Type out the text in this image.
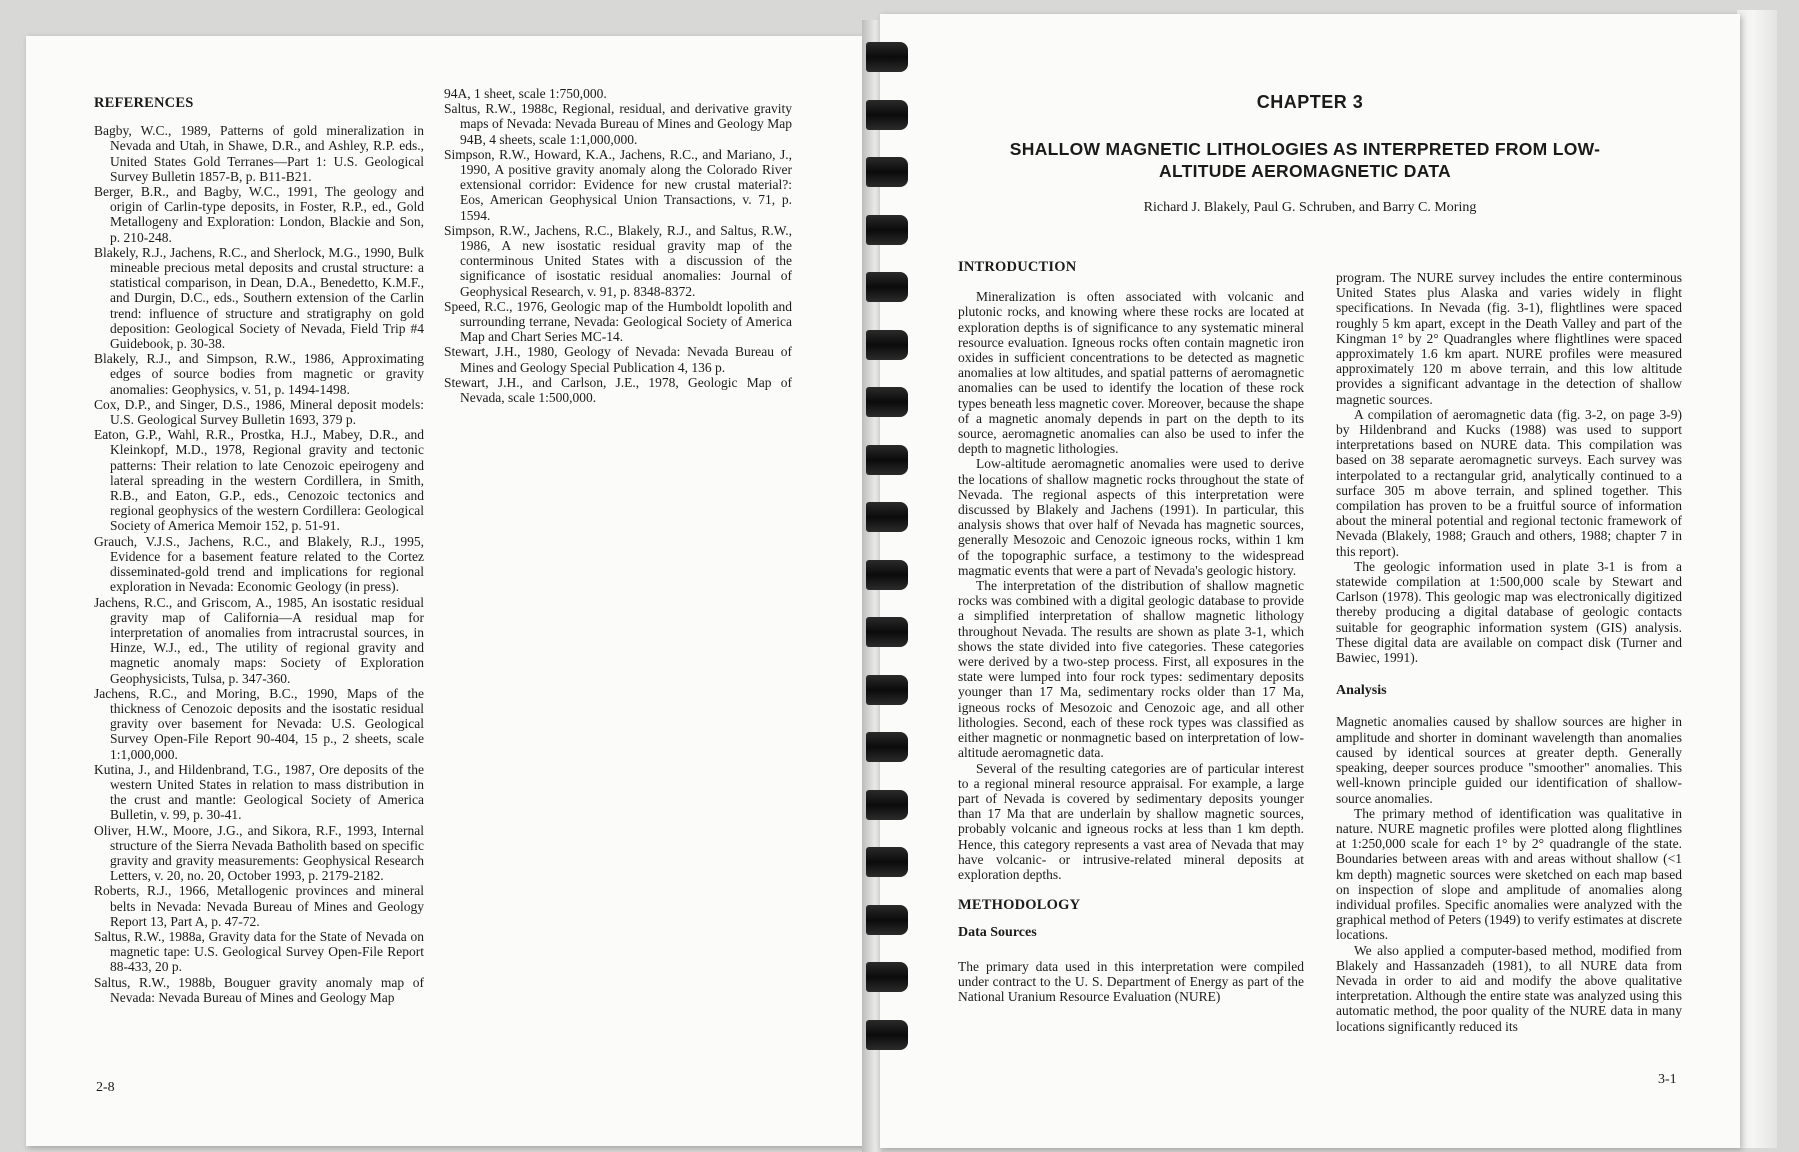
REFERENCES

Bagby, W.C., 1989, Patterns of gold mineralization in Nevada and Utah, in Shawe, D.R., and Ashley, R.P. eds., United States Gold Terranes—Part 1: U.S. Geological Survey Bulletin 1857-B, p. B11-B21.

Berger, B.R., and Bagby, W.C., 1991, The geology and origin of Carlin-type deposits, in Foster, R.P., ed., Gold Metallogeny and Exploration: London, Blackie and Son, p. 210-248.

Blakely, R.J., Jachens, R.C., and Sherlock, M.G., 1990, Bulk mineable precious metal deposits and crustal structure: a statistical comparison, in Dean, D.A., Benedetto, K.M.F., and Durgin, D.C., eds., Southern extension of the Carlin trend: influence of structure and stratigraphy on gold deposition: Geological Society of Nevada, Field Trip #4 Guidebook, p. 30-38.

Blakely, R.J., and Simpson, R.W., 1986, Approximating edges of source bodies from magnetic or gravity anomalies: Geophysics, v. 51, p. 1494-1498.

Cox, D.P., and Singer, D.S., 1986, Mineral deposit models: U.S. Geological Survey Bulletin 1693, 379 p.

Eaton, G.P., Wahl, R.R., Prostka, H.J., Mabey, D.R., and Kleinkopf, M.D., 1978, Regional gravity and tectonic patterns: Their relation to late Cenozoic epeirogeny and lateral spreading in the western Cordillera, in Smith, R.B., and Eaton, G.P., eds., Cenozoic tectonics and regional geophysics of the western Cordillera: Geological Society of America Memoir 152, p. 51-91.

Grauch, V.J.S., Jachens, R.C., and Blakely, R.J., 1995, Evidence for a basement feature related to the Cortez disseminated-gold trend and implications for regional exploration in Nevada: Economic Geology (in press).

Jachens, R.C., and Griscom, A., 1985, An isostatic residual gravity map of California—A residual map for interpretation of anomalies from intracrustal sources, in Hinze, W.J., ed., The utility of regional gravity and magnetic anomaly maps: Society of Exploration Geophysicists, Tulsa, p. 347-360.

Jachens, R.C., and Moring, B.C., 1990, Maps of the thickness of Cenozoic deposits and the isostatic residual gravity over basement for Nevada: U.S. Geological Survey Open-File Report 90-404, 15 p., 2 sheets, scale 1:1,000,000.

Kutina, J., and Hildenbrand, T.G., 1987, Ore deposits of the western United States in relation to mass distribution in the crust and mantle: Geological Society of America Bulletin, v. 99, p. 30-41.

Oliver, H.W., Moore, J.G., and Sikora, R.F., 1993, Internal structure of the Sierra Nevada Batholith based on specific gravity and gravity measurements: Geophysical Research Letters, v. 20, no. 20, October 1993, p. 2179-2182.

Roberts, R.J., 1966, Metallogenic provinces and mineral belts in Nevada: Nevada Bureau of Mines and Geology Report 13, Part A, p. 47-72.

Saltus, R.W., 1988a, Gravity data for the State of Nevada on magnetic tape: U.S. Geological Survey Open-File Report 88-433, 20 p.

Saltus, R.W., 1988b, Bouguer gravity anomaly map of Nevada: Nevada Bureau of Mines and Geology Map

94A, 1 sheet, scale 1:750,000.

Saltus, R.W., 1988c, Regional, residual, and derivative gravity maps of Nevada: Nevada Bureau of Mines and Geology Map 94B, 4 sheets, scale 1:1,000,000.

Simpson, R.W., Howard, K.A., Jachens, R.C., and Mariano, J., 1990, A positive gravity anomaly along the Colorado River extensional corridor: Evidence for new crustal material?: Eos, American Geophysical Union Transactions, v. 71, p. 1594.

Simpson, R.W., Jachens, R.C., Blakely, R.J., and Saltus, R.W., 1986, A new isostatic residual gravity map of the conterminous United States with a discussion of the significance of isostatic residual anomalies: Journal of Geophysical Research, v. 91, p. 8348-8372.

Speed, R.C., 1976, Geologic map of the Humboldt lopolith and surrounding terrane, Nevada: Geological Society of America Map and Chart Series MC-14.

Stewart, J.H., 1980, Geology of Nevada: Nevada Bureau of Mines and Geology Special Publication 4, 136 p.

Stewart, J.H., and Carlson, J.E., 1978, Geologic Map of Nevada, scale 1:500,000.

2-8
CHAPTER 3
SHALLOW MAGNETIC LITHOLOGIES AS INTERPRETED FROM LOW-ALTITUDE AEROMAGNETIC DATA
Richard J. Blakely, Paul G. Schruben, and Barry C. Moring
INTRODUCTION

Mineralization is often associated with volcanic and plutonic rocks, and knowing where these rocks are located at exploration depths is of significance to any systematic mineral resource evaluation. Igneous rocks often contain magnetic iron oxides in sufficient concentrations to be detected as magnetic anomalies at low altitudes, and spatial patterns of aeromagnetic anomalies can be used to identify the location of these rock types beneath less magnetic cover. Moreover, because the shape of a magnetic anomaly depends in part on the depth to its source, aeromagnetic anomalies can also be used to infer the depth to magnetic lithologies.

Low-altitude aeromagnetic anomalies were used to derive the locations of shallow magnetic rocks throughout the state of Nevada. The regional aspects of this interpretation were discussed by Blakely and Jachens (1991). In particular, this analysis shows that over half of Nevada has magnetic sources, generally Mesozoic and Cenozoic igneous rocks, within 1 km of the topographic surface, a testimony to the widespread magmatic events that were a part of Nevada's geologic history.

The interpretation of the distribution of shallow magnetic rocks was combined with a digital geologic database to provide a simplified interpretation of shallow magnetic lithology throughout Nevada. The results are shown as plate 3-1, which shows the state divided into five categories. These categories were derived by a two-step process. First, all exposures in the state were lumped into four rock types: sedimentary deposits younger than 17 Ma, sedimentary rocks older than 17 Ma, igneous rocks of Mesozoic and Cenozoic age, and all other lithologies. Second, each of these rock types was classified as either magnetic or nonmagnetic based on interpretation of low-altitude aeromagnetic data.

Several of the resulting categories are of particular interest to a regional mineral resource appraisal. For example, a large part of Nevada is covered by sedimentary deposits younger than 17 Ma that are underlain by shallow magnetic sources, probably volcanic and igneous rocks at less than 1 km depth. Hence, this category represents a vast area of Nevada that may have volcanic- or intrusive-related mineral deposits at exploration depths.

METHODOLOGY
Data Sources

The primary data used in this interpretation were compiled under contract to the U. S. Department of Energy as part of the National Uranium Resource Evaluation (NURE)

program. The NURE survey includes the entire conterminous United States plus Alaska and varies widely in flight specifications. In Nevada (fig. 3-1), flightlines were spaced roughly 5 km apart, except in the Death Valley and part of the Kingman 1° by 2° Quadrangles where flightlines were spaced approximately 1.6 km apart. NURE profiles were measured approximately 120 m above terrain, and this low altitude provides a significant advantage in the detection of shallow magnetic sources.

A compilation of aeromagnetic data (fig. 3-2, on page 3-9) by Hildenbrand and Kucks (1988) was used to support interpretations based on NURE data. This compilation was based on 38 separate aeromagnetic surveys. Each survey was interpolated to a rectangular grid, analytically continued to a surface 305 m above terrain, and splined together. This compilation has proven to be a fruitful source of information about the mineral potential and regional tectonic framework of Nevada (Blakely, 1988; Grauch and others, 1988; chapter 7 in this report).

The geologic information used in plate 3-1 is from a statewide compilation at 1:500,000 scale by Stewart and Carlson (1978). This geologic map was electronically digitized thereby producing a digital database of geologic contacts suitable for geographic information system (GIS) analysis. These digital data are available on compact disk (Turner and Bawiec, 1991).

Analysis

Magnetic anomalies caused by shallow sources are higher in amplitude and shorter in dominant wavelength than anomalies caused by identical sources at greater depth. Generally speaking, deeper sources produce "smoother" anomalies. This well-known principle guided our identification of shallow-source anomalies.

The primary method of identification was qualitative in nature. NURE magnetic profiles were plotted along flightlines at 1:250,000 scale for each 1° by 2° quadrangle of the state. Boundaries between areas with and areas without shallow (<1 km depth) magnetic sources were sketched on each map based on inspection of slope and amplitude of anomalies along individual profiles. Specific anomalies were analyzed with the graphical method of Peters (1949) to verify estimates at discrete locations.

We also applied a computer-based method, modified from Blakely and Hassanzadeh (1981), to all NURE data from Nevada in order to aid and modify the above qualitative interpretation. Although the entire state was analyzed using this automatic method, the poor quality of the NURE data in many locations significantly reduced its

3-1
